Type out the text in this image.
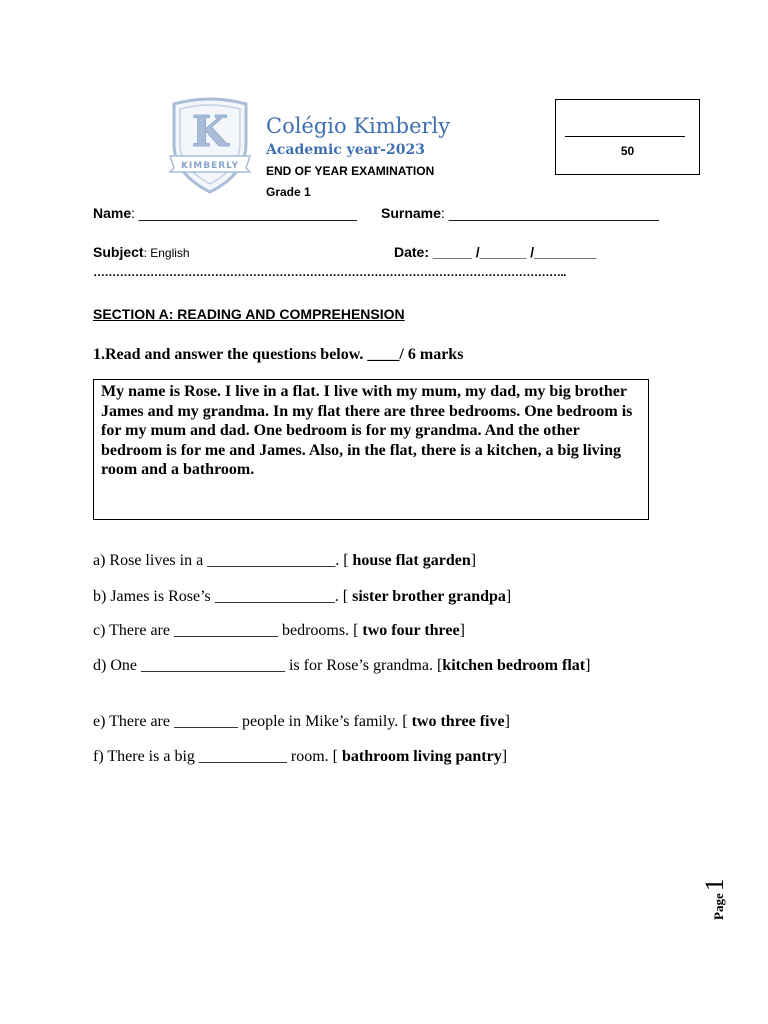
K
KIMBERLY
Colégio Kimberly
Academic year-2023
END OF YEAR EXAMINATION
Grade 1
50
Name: ____________________________ Surname: ___________________________
Subject: English	Date: _____ /______ /________
……………………………………………………………………………………………………………..
SECTION A: READING AND COMPREHENSION
1.Read and answer the questions below. ____/ 6 marks
My name is Rose. I live in a flat. I live with my mum, my dad, my big brother James and my grandma. In my flat there are three bedrooms. One bedroom is for my mum and dad. One bedroom is for my grandma. And the other bedroom is for me and James. Also, in the flat, there is a kitchen, a big living room and a bathroom.
a) Rose lives in a ________________. [ house flat garden]
b) James is Rose’s _______________. [ sister brother grandpa]
c) There are _____________ bedrooms. [ two four three]
d) One __________________ is for Rose’s grandma. [kitchen bedroom flat]
e) There are ________ people in Mike’s family. [ two three five]
f) There is a big ___________ room. [ bathroom living pantry]
Page1
